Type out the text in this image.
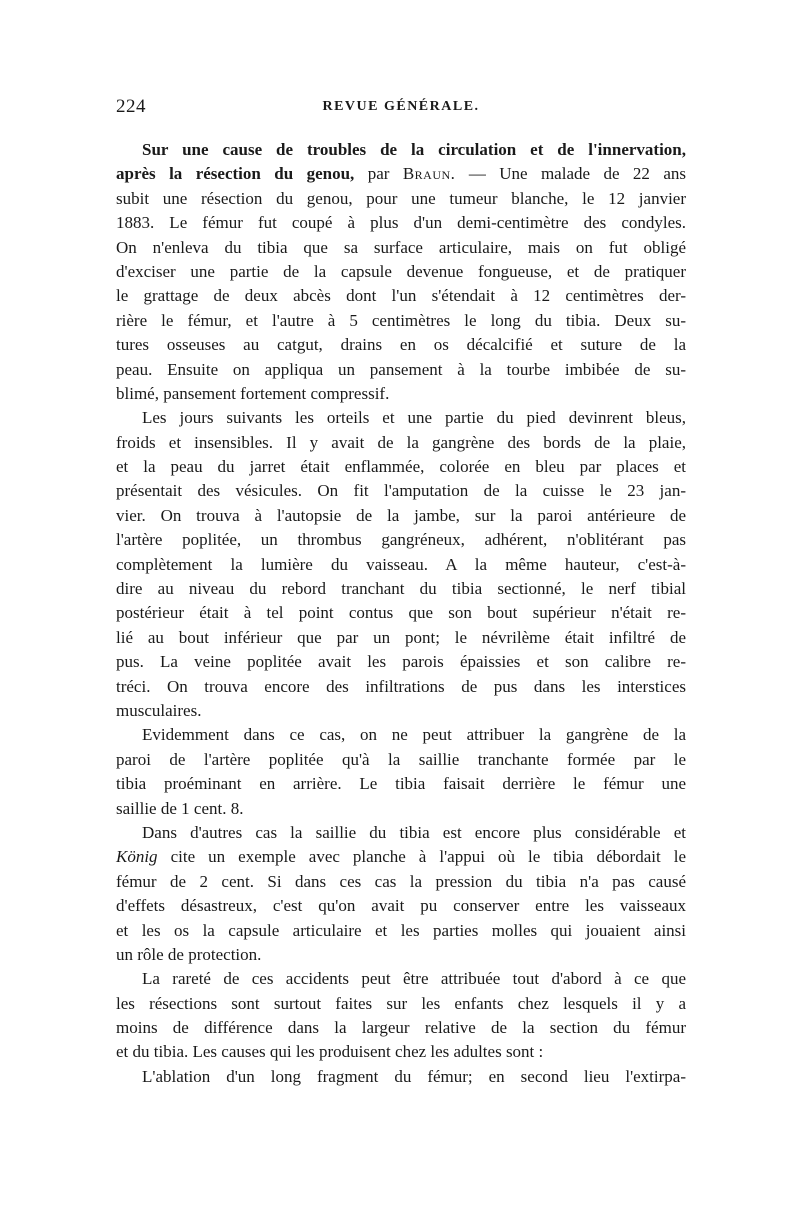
224	REVUE GÉNÉRALE.
Sur une cause de troubles de la circulation et de l'innervation,
après la résection du genou, par Braun. — Une malade de 22 ans
subit une résection du genou, pour une tumeur blanche, le 12 janvier
1883. Le fémur fut coupé à plus d'un demi-centimètre des condyles.
On n'enleva du tibia que sa surface articulaire, mais on fut obligé
d'exciser une partie de la capsule devenue fongueuse, et de pratiquer
le grattage de deux abcès dont l'un s'étendait à 12 centimètres der-
rière le fémur, et l'autre à 5 centimètres le long du tibia. Deux su-
tures osseuses au catgut, drains en os décalcifié et suture de la
peau. Ensuite on appliqua un pansement à la tourbe imbibée de su-
blimé, pansement fortement compressif.
Les jours suivants les orteils et une partie du pied devinrent bleus,
froids et insensibles. Il y avait de la gangrène des bords de la plaie,
et la peau du jarret était enflammée, colorée en bleu par places et
présentait des vésicules. On fit l'amputation de la cuisse le 23 jan-
vier. On trouva à l'autopsie de la jambe, sur la paroi antérieure de
l'artère poplitée, un thrombus gangréneux, adhérent, n'oblitérant pas
complètement la lumière du vaisseau. A la même hauteur, c'est-à-
dire au niveau du rebord tranchant du tibia sectionné, le nerf tibial
postérieur était à tel point contus que son bout supérieur n'était re-
lié au bout inférieur que par un pont; le névrilème était infiltré de
pus. La veine poplitée avait les parois épaissies et son calibre re-
tréci. On trouva encore des infiltrations de pus dans les interstices
musculaires.
Evidemment dans ce cas, on ne peut attribuer la gangrène de la
paroi de l'artère poplitée qu'à la saillie tranchante formée par le
tibia proéminant en arrière. Le tibia faisait derrière le fémur une
saillie de 1 cent. 8.
Dans d'autres cas la saillie du tibia est encore plus considérable et
König cite un exemple avec planche à l'appui où le tibia débordait le
fémur de 2 cent. Si dans ces cas la pression du tibia n'a pas causé
d'effets désastreux, c'est qu'on avait pu conserver entre les vaisseaux
et les os la capsule articulaire et les parties molles qui jouaient ainsi
un rôle de protection.
La rareté de ces accidents peut être attribuée tout d'abord à ce que
les résections sont surtout faites sur les enfants chez lesquels il y a
moins de différence dans la largeur relative de la section du fémur
et du tibia. Les causes qui les produisent chez les adultes sont :
L'ablation d'un long fragment du fémur; en second lieu l'extirpa-
